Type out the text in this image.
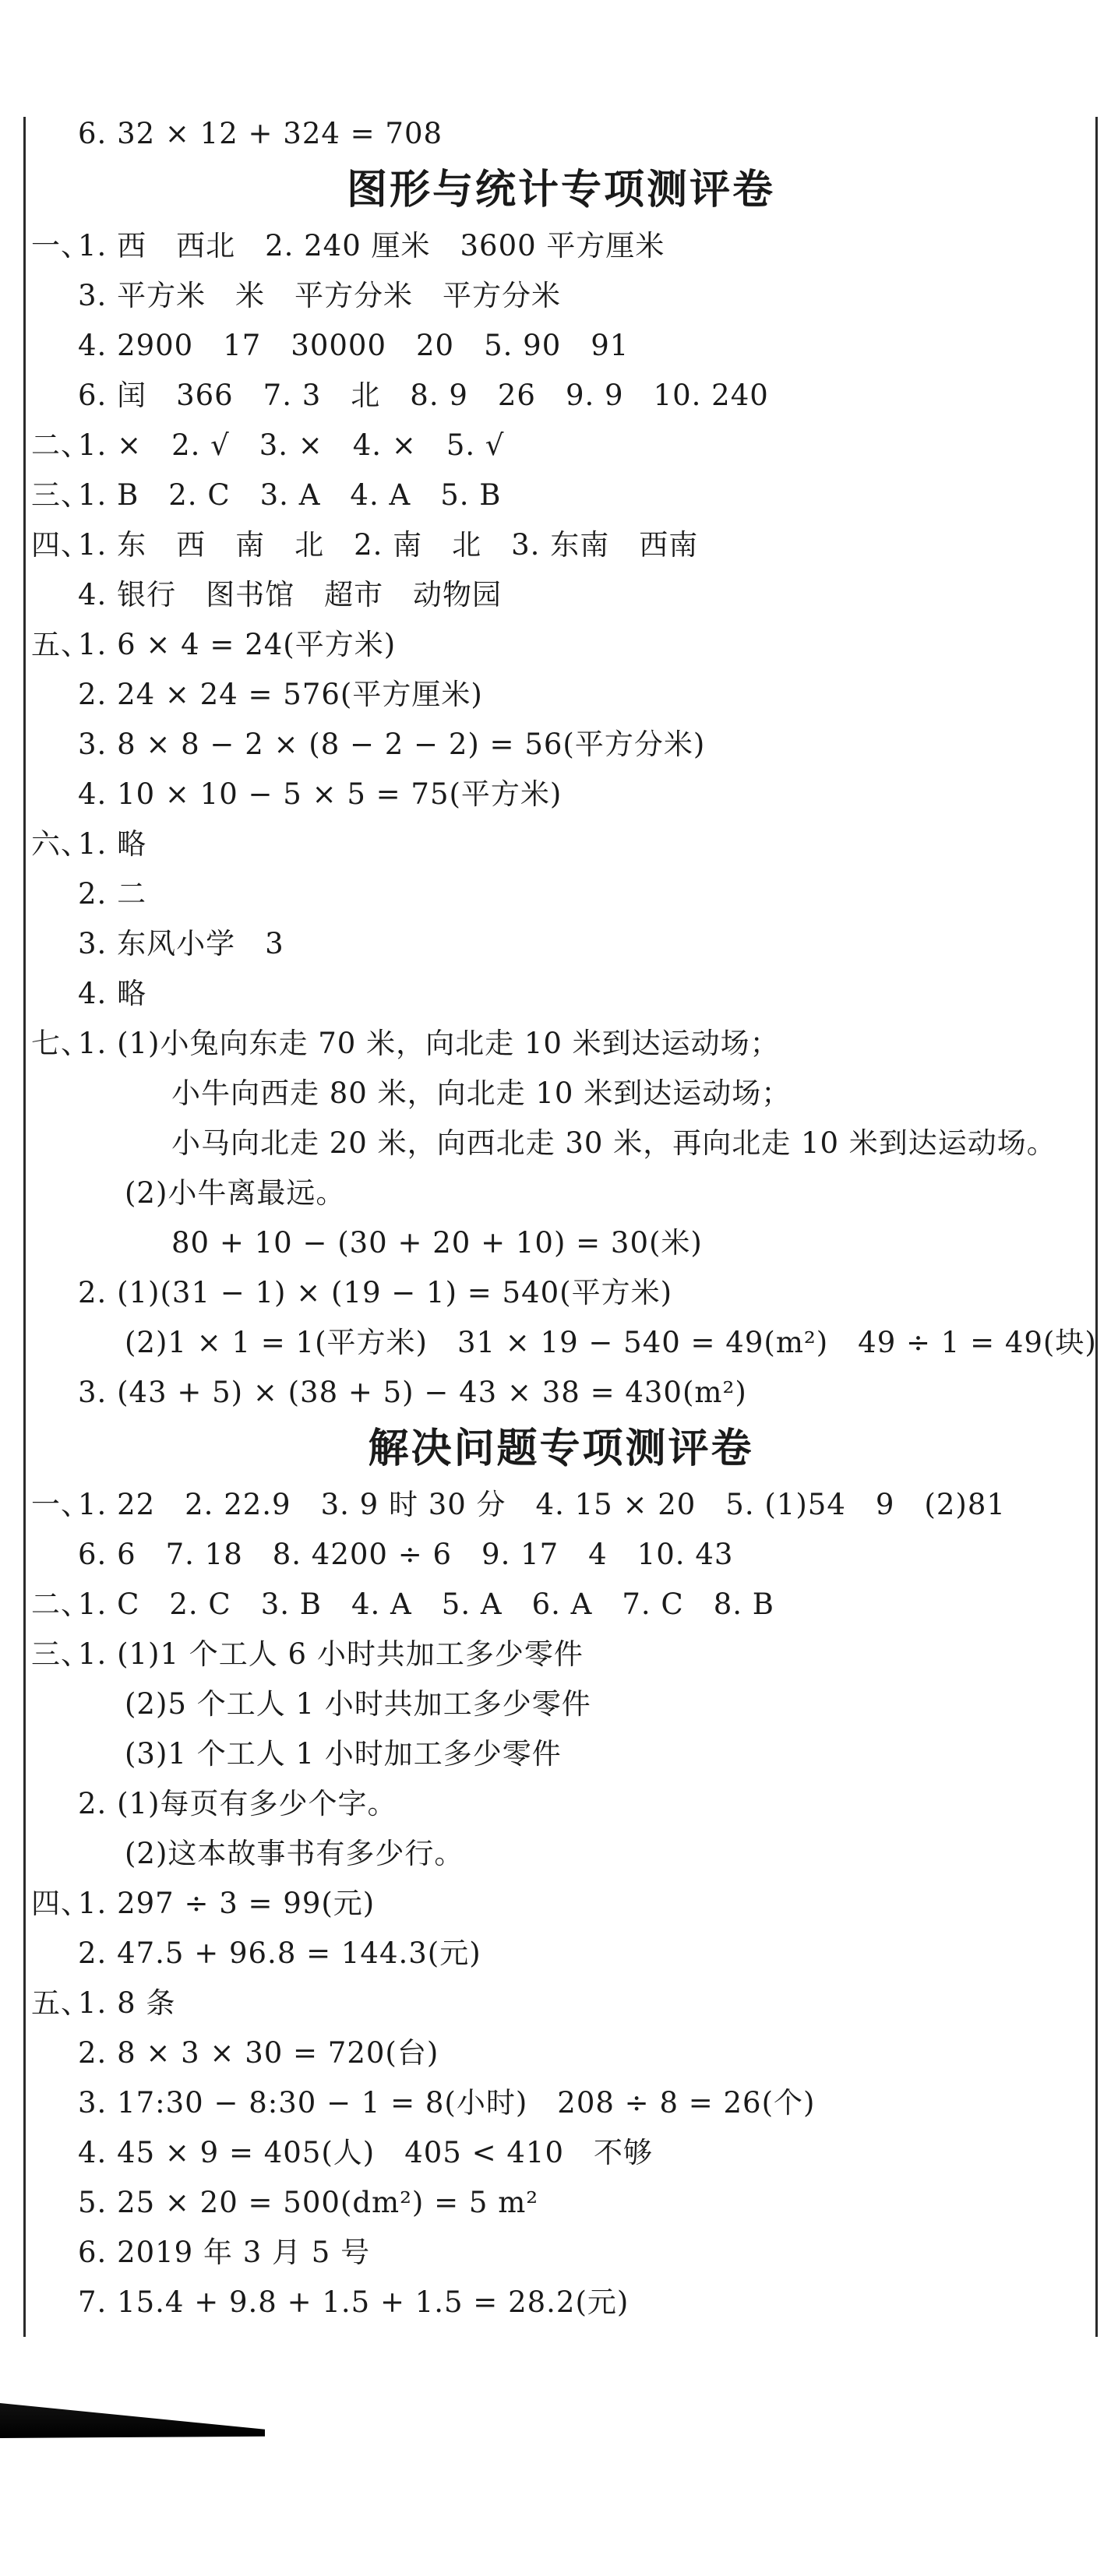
6. 32 × 12 + 324 = 708
图形与统计专项测评卷
一、
1. 西　西北　2. 240 厘米　3600 平方厘米
3. 平方米　米　平方分米　平方分米
4. 2900　17　30000　20　5. 90　91
6. 闰　366　7. 3　北　8. 9　26　9. 9　10. 240
二、
1. ×　2. √　3. ×　4. ×　5. √
三、
1. B　2. C　3. A　4. A　5. B
四、
1. 东　西　南　北　2. 南　北　3. 东南　西南
4. 银行　图书馆　超市　动物园
五、
1. 6 × 4 = 24(平方米)
2. 24 × 24 = 576(平方厘米)
3. 8 × 8 − 2 × (8 − 2 − 2) = 56(平方分米)
4. 10 × 10 − 5 × 5 = 75(平方米)
六、
1. 略
2. 二
3. 东风小学　3
4. 略
七、
1. (1)小兔向东走 70 米，向北走 10 米到达运动场；
小牛向西走 80 米，向北走 10 米到达运动场；
小马向北走 20 米，向西北走 30 米，再向北走 10 米到达运动场。
(2)小牛离最远。
80 + 10 − (30 + 20 + 10) = 30(米)
2. (1)(31 − 1) × (19 − 1) = 540(平方米)
(2)1 × 1 = 1(平方米)　31 × 19 − 540 = 49(m²)　49 ÷ 1 = 49(块)
3. (43 + 5) × (38 + 5) − 43 × 38 = 430(m²)
解决问题专项测评卷
一、
1. 22　2. 22.9　3. 9 时 30 分　4. 15 × 20　5. (1)54　9　(2)81
6. 6　7. 18　8. 4200 ÷ 6　9. 17　4　10. 43
二、
1. C　2. C　3. B　4. A　5. A　6. A　7. C　8. B
三、
1. (1)1 个工人 6 小时共加工多少零件
(2)5 个工人 1 小时共加工多少零件
(3)1 个工人 1 小时加工多少零件
2. (1)每页有多少个字。
(2)这本故事书有多少行。
四、
1. 297 ÷ 3 = 99(元)
2. 47.5 + 96.8 = 144.3(元)
五、
1. 8 条
2. 8 × 3 × 30 = 720(台)
3. 17:30 − 8:30 − 1 = 8(小时)　208 ÷ 8 = 26(个)
4. 45 × 9 = 405(人)　405 < 410　不够
5. 25 × 20 = 500(dm²) = 5 m²
6. 2019 年 3 月 5 号
7. 15.4 + 9.8 + 1.5 + 1.5 = 28.2(元)
